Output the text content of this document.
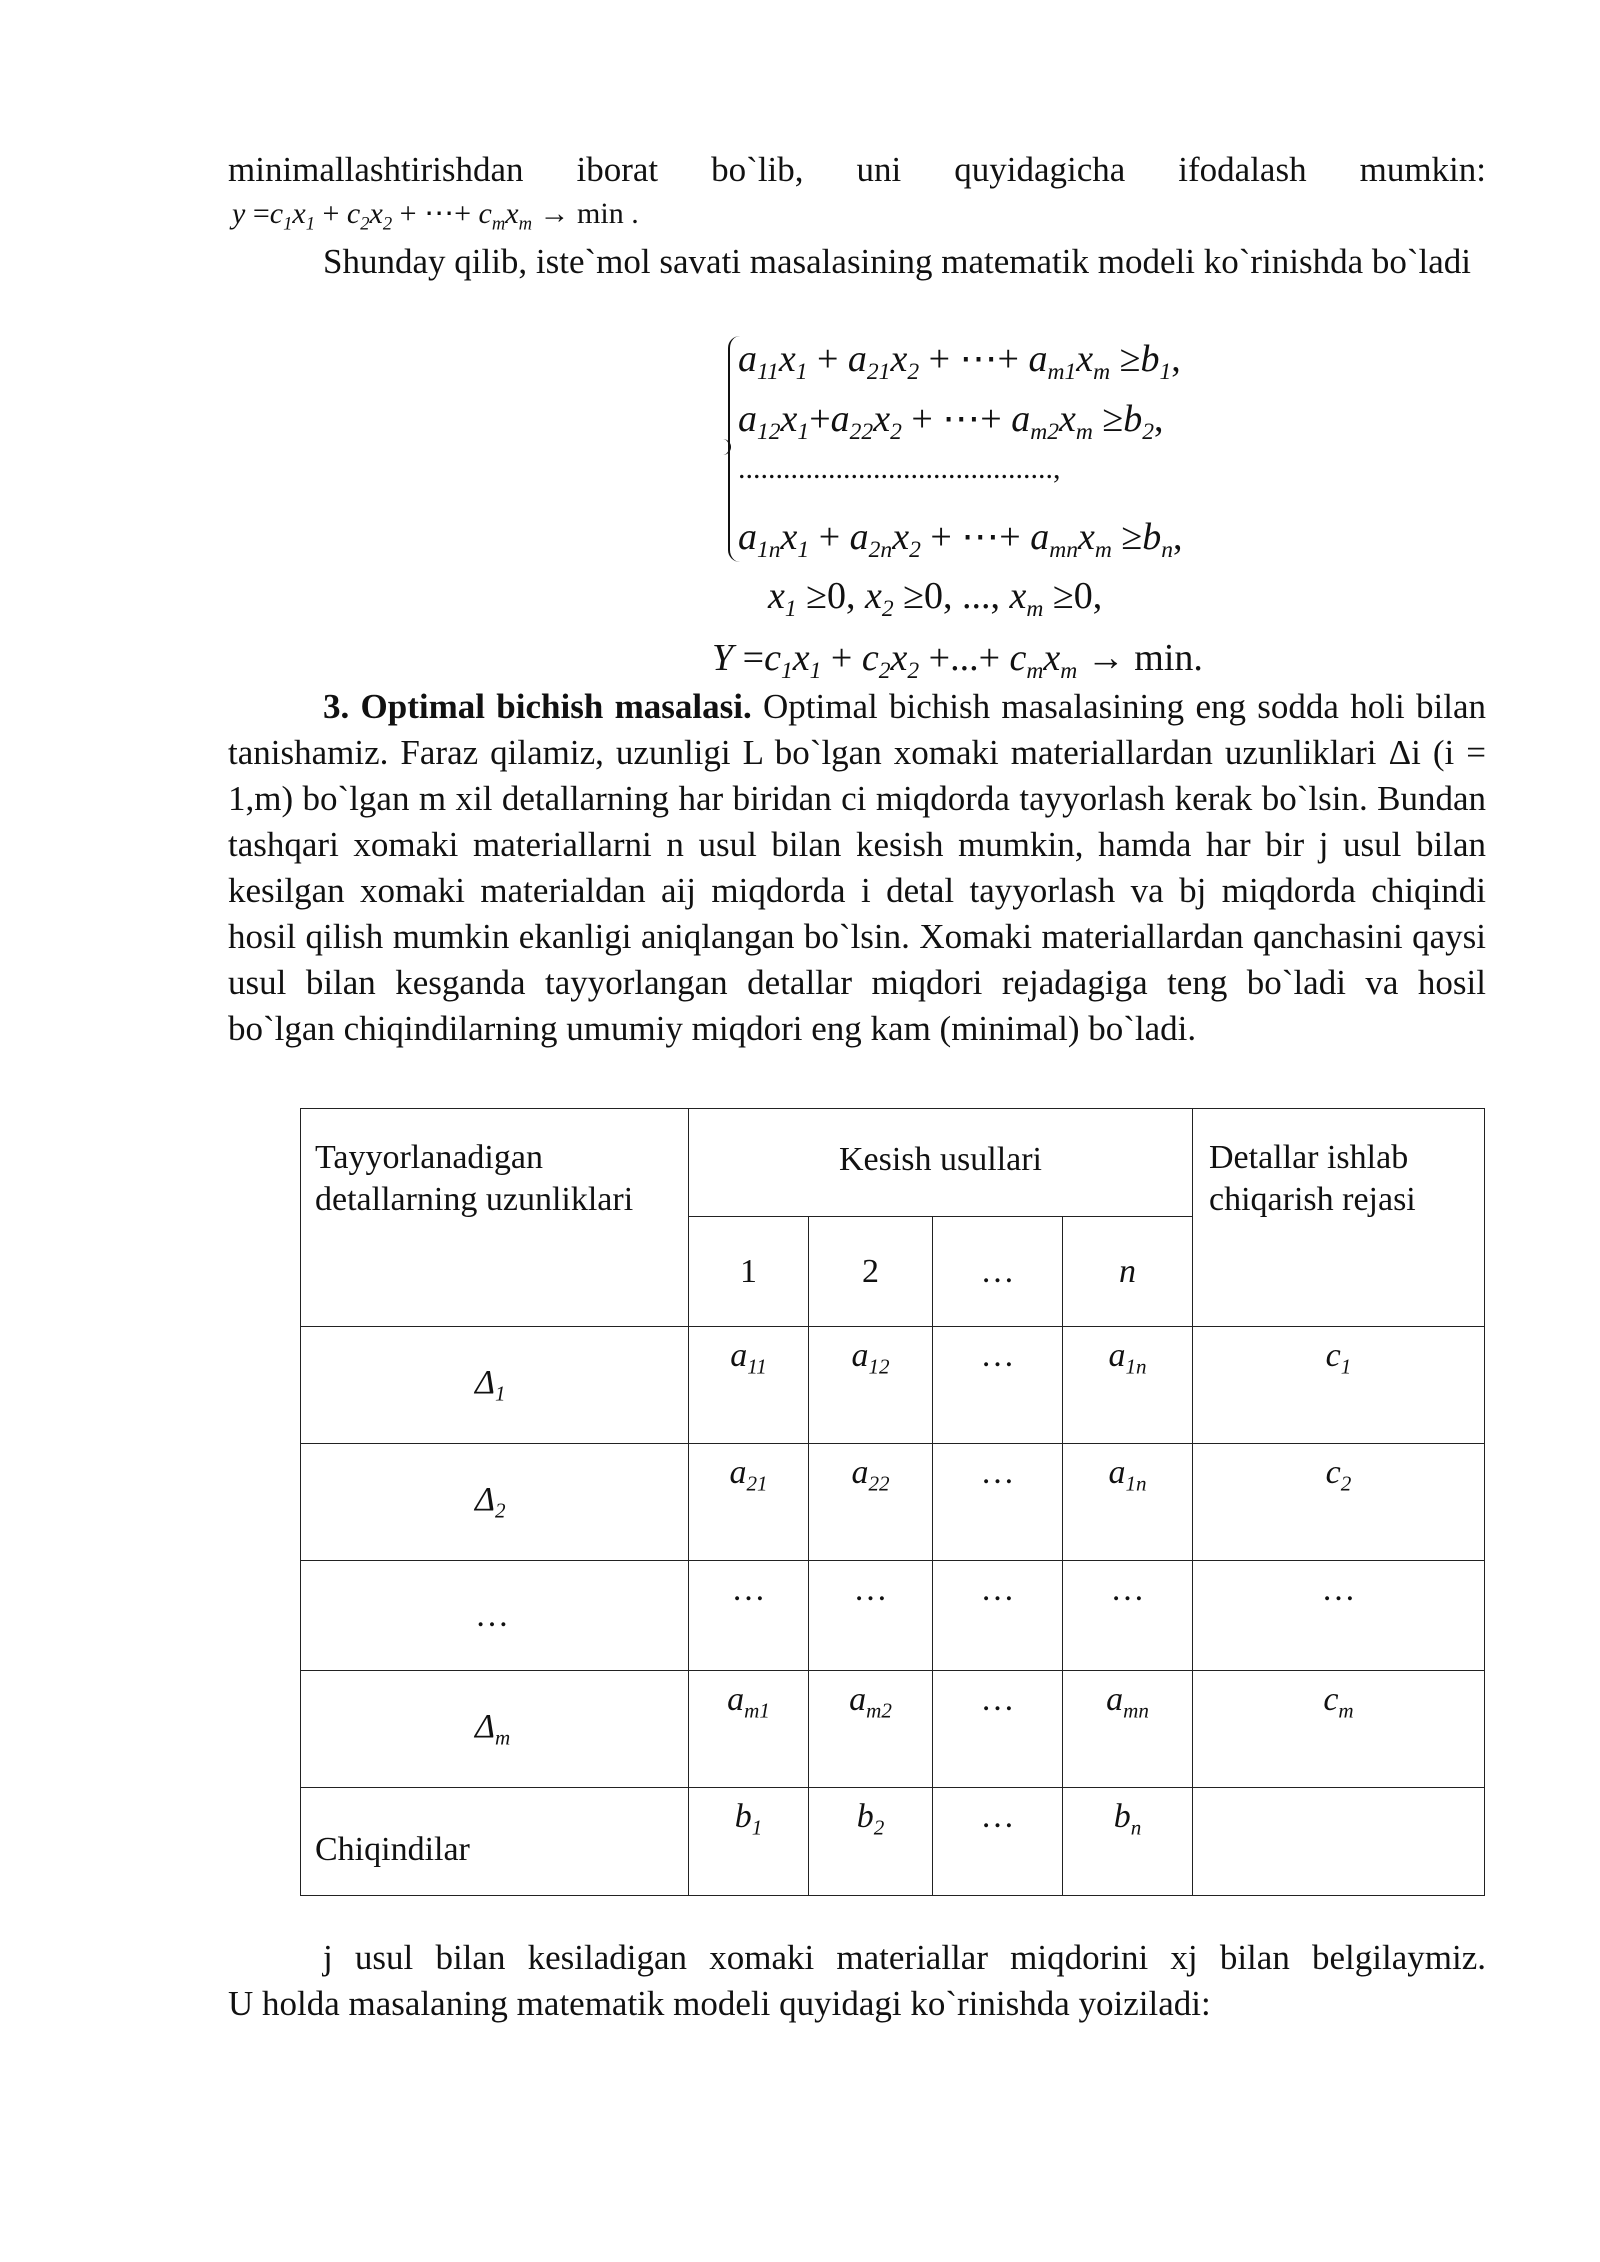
minimallashtirishdan iborat bo`lib, uni quyidagicha ifodalash mumkin:
$y =c_1x_1 + c_2x_2$ + ⋯+ $c_mx_m \to \min$ .
Shunday qilib, iste`mol savati masalasining matematik modeli ko`rinishda bo`ladi
$a_{11}x_1 + a_{21}x_2$ + ⋯+ $a_{m1}x_m \ge b_1$,
$a_{12}x_1+a_{22}x_2$ + ⋯+ $a_{m2}x_m \ge b_2$,
..........................................,
$a_{1n}x_1 + a_{2n}x_2$ + ⋯+ $a_{mn}x_m \ge b_n$,
$x_1 \ge 0$, $x_2 \ge 0$, ..., $x_m \ge 0$,
$Y =c_1x_1 + c_2x_2$ +...+ $c_mx_m \to \min$.
3. Optimal bichish masalasi. Optimal bichish masalasining eng sodda holi bilan tanishamiz. Faraz qilamiz, uzunligi L bo`lgan xomaki materiallardan uzunliklari Δi (i = 1,m) bo`lgan m xil detallarning har biridan ci miqdorda tayyorlash kerak bo`lsin. Bundan tashqari xomaki materiallarni n usul bilan kesish mumkin, hamda har bir j usul bilan kesilgan xomaki materialdan aij miqdorda i detal tayyorlash va bj miqdorda chiqindi hosil qilish mumkin ekanligi aniqlangan bo`lsin. Xomaki materiallardan qanchasini qaysi usul bilan kesganda tayyorlangan detallar miqdori rejadagiga teng bo`ladi va hosil bo`lgan chiqindilarning umumiy miqdori eng kam (minimal) bo`ladi.
Tayyorlanadigan detallarning uzunliklari	Kesish usullari				Detallar ishlab chiqarish rejasi
	1	2	…	n	
$\Delta_1$	$a_{11}$	$a_{12}$	…	$a_{1n}$	$c_1$
$\Delta_2$	$a_{21}$	$a_{22}$	…	$a_{1n}$	$c_2$
…	…	…	…	…	…
$\Delta_m$	$a_{m1}$	$a_{m2}$	…	$a_{mn}$	$c_m$
Chiqindilar	$b_1$	$b_2$	…	$b_n$	
j usul bilan kesiladigan xomaki materiallar miqdorini xj bilan belgilaymiz.
U holda masalaning matematik modeli quyidagi ko`rinishda yoiziladi:
